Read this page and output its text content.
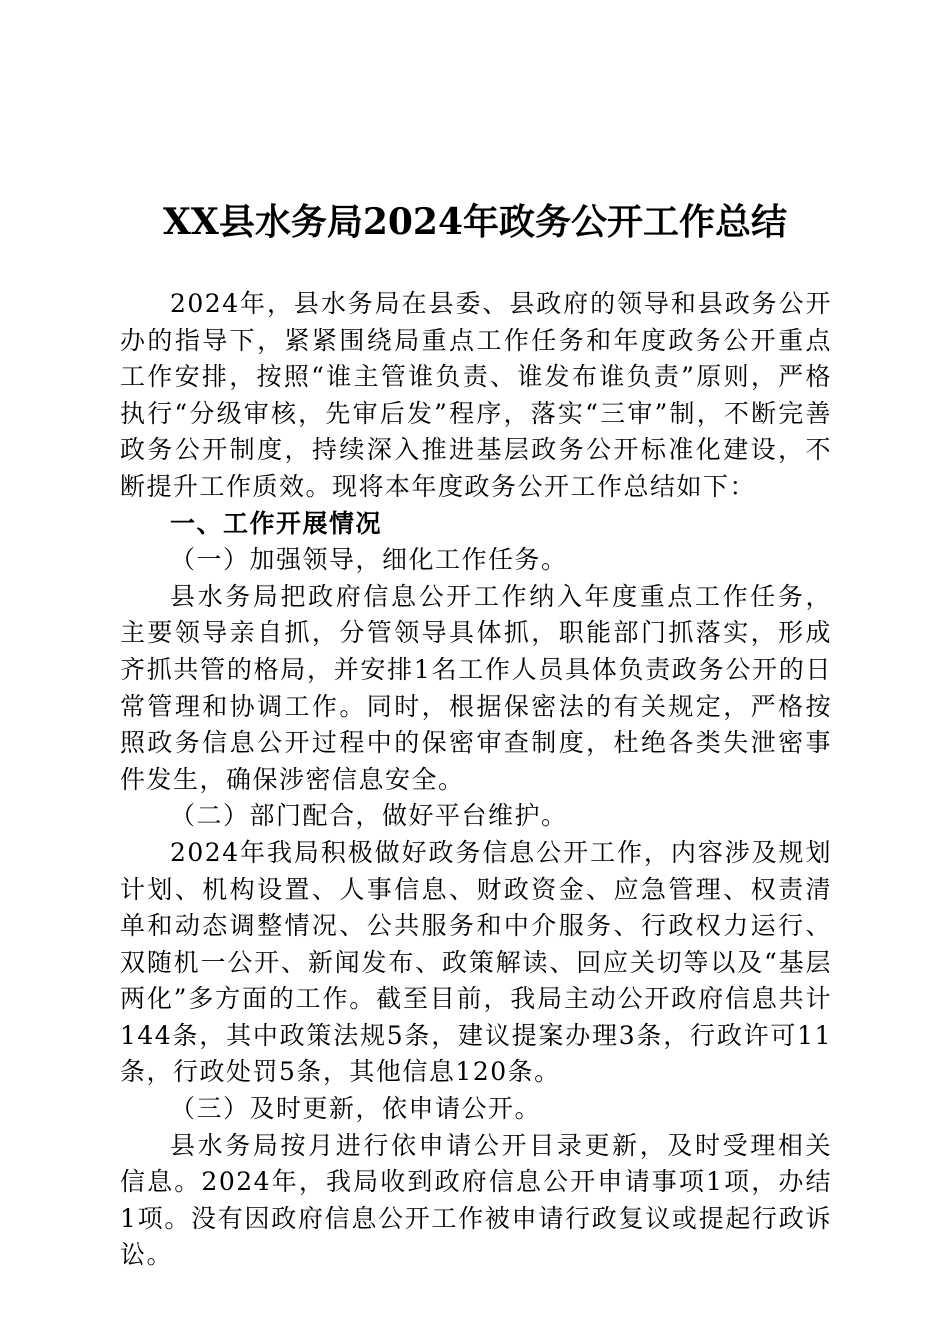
XX县水务局2024年政务公开工作总结

2024年，县水务局在县委、县政府的领导和县政务公开办的指导下，紧紧围绕局重点工作任务和年度政务公开重点工作安排，按照“谁主管谁负责、谁发布谁负责”原则，严格执行“分级审核，先审后发”程序，落实“三审”制，不断完善政务公开制度，持续深入推进基层政务公开标准化建设，不断提升工作质效。现将本年度政务公开工作总结如下：

一、工作开展情况

（一）加强领导，细化工作任务。

县水务局把政府信息公开工作纳入年度重点工作任务，主要领导亲自抓，分管领导具体抓，职能部门抓落实，形成齐抓共管的格局，并安排1名工作人员具体负责政务公开的日常管理和协调工作。同时，根据保密法的有关规定，严格按照政务信息公开过程中的保密审查制度，杜绝各类失泄密事件发生，确保涉密信息安全。

（二）部门配合，做好平台维护。

2024年我局积极做好政务信息公开工作，内容涉及规划计划、机构设置、人事信息、财政资金、应急管理、权责清单和动态调整情况、公共服务和中介服务、行政权力运行、双随机一公开、新闻发布、政策解读、回应关切等以及“基层两化”多方面的工作。截至目前，我局主动公开政府信息共计144条，其中政策法规5条，建议提案办理3条，行政许可11条，行政处罚5条，其他信息120条。

（三）及时更新，依申请公开。

县水务局按月进行依申请公开目录更新，及时受理相关信息。2024年，我局收到政府信息公开申请事项1项，办结1项。没有因政府信息公开工作被申请行政复议或提起行政诉讼。
